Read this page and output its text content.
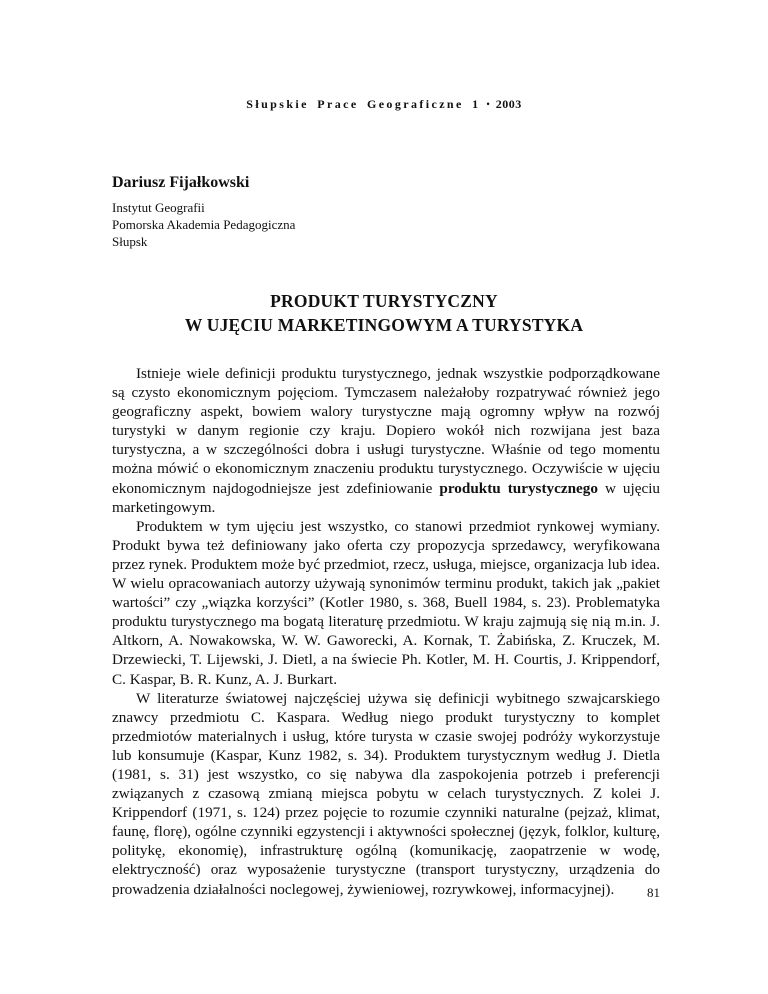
Słupskie Prace Geograficzne 1 • 2003
Dariusz Fijałkowski
Instytut Geografii
Pomorska Akademia Pedagogiczna
Słupsk
PRODUKT TURYSTYCZNY
W UJĘCIU MARKETINGOWYM A TURYSTYKA

Istnieje wiele definicji produktu turystycznego, jednak wszystkie podporządkowane są czysto ekonomicznym pojęciom. Tymczasem należałoby rozpatrywać również jego geograficzny aspekt, bowiem walory turystyczne mają ogromny wpływ na rozwój turystyki w danym regionie czy kraju. Dopiero wokół nich rozwijana jest baza turystyczna, a w szczególności dobra i usługi turystyczne. Właśnie od tego momentu można mówić o ekonomicznym znaczeniu produktu turystycznego. Oczywiście w ujęciu ekonomicznym najdogodniejsze jest zdefiniowanie produktu turystycznego w ujęciu marketingowym.

Produktem w tym ujęciu jest wszystko, co stanowi przedmiot rynkowej wymiany. Produkt bywa też definiowany jako oferta czy propozycja sprzedawcy, weryfikowana przez rynek. Produktem może być przedmiot, rzecz, usługa, miejsce, organizacja lub idea. W wielu opracowaniach autorzy używają synonimów terminu produkt, takich jak „pakiet wartości” czy „wiązka korzyści” (Kotler 1980, s. 368, Buell 1984, s. 23). Problematyka produktu turystycznego ma bogatą literaturę przedmiotu. W kraju zajmują się nią m.in. J. Altkorn, A. Nowakowska, W. W. Gaworecki, A. Kornak, T. Żabińska, Z. Kruczek, M. Drzewiecki, T. Lijewski, J. Dietl, a na świecie Ph. Kotler, M. H. Courtis, J. Krippendorf, C. Kaspar, B. R. Kunz, A. J. Burkart.

W literaturze światowej najczęściej używa się definicji wybitnego szwajcarskiego znawcy przedmiotu C. Kaspara. Według niego produkt turystyczny to komplet przedmiotów materialnych i usług, które turysta w czasie swojej podróży wykorzystuje lub konsumuje (Kaspar, Kunz 1982, s. 34). Produktem turystycznym według J. Dietla (1981, s. 31) jest wszystko, co się nabywa dla zaspokojenia potrzeb i preferencji związanych z czasową zmianą miejsca pobytu w celach turystycznych. Z kolei J. Krippendorf (1971, s. 124) przez pojęcie to rozumie czynniki naturalne (pejzaż, klimat, faunę, florę), ogólne czynniki egzystencji i aktywności społecznej (język, folklor, kulturę, politykę, ekonomię), infrastrukturę ogólną (komunikację, zaopatrzenie w wodę, elektryczność) oraz wyposażenie turystyczne (transport turystyczny, urządzenia do prowadzenia działalności noclegowej, żywieniowej, rozrywkowej, informacyjnej).	81
